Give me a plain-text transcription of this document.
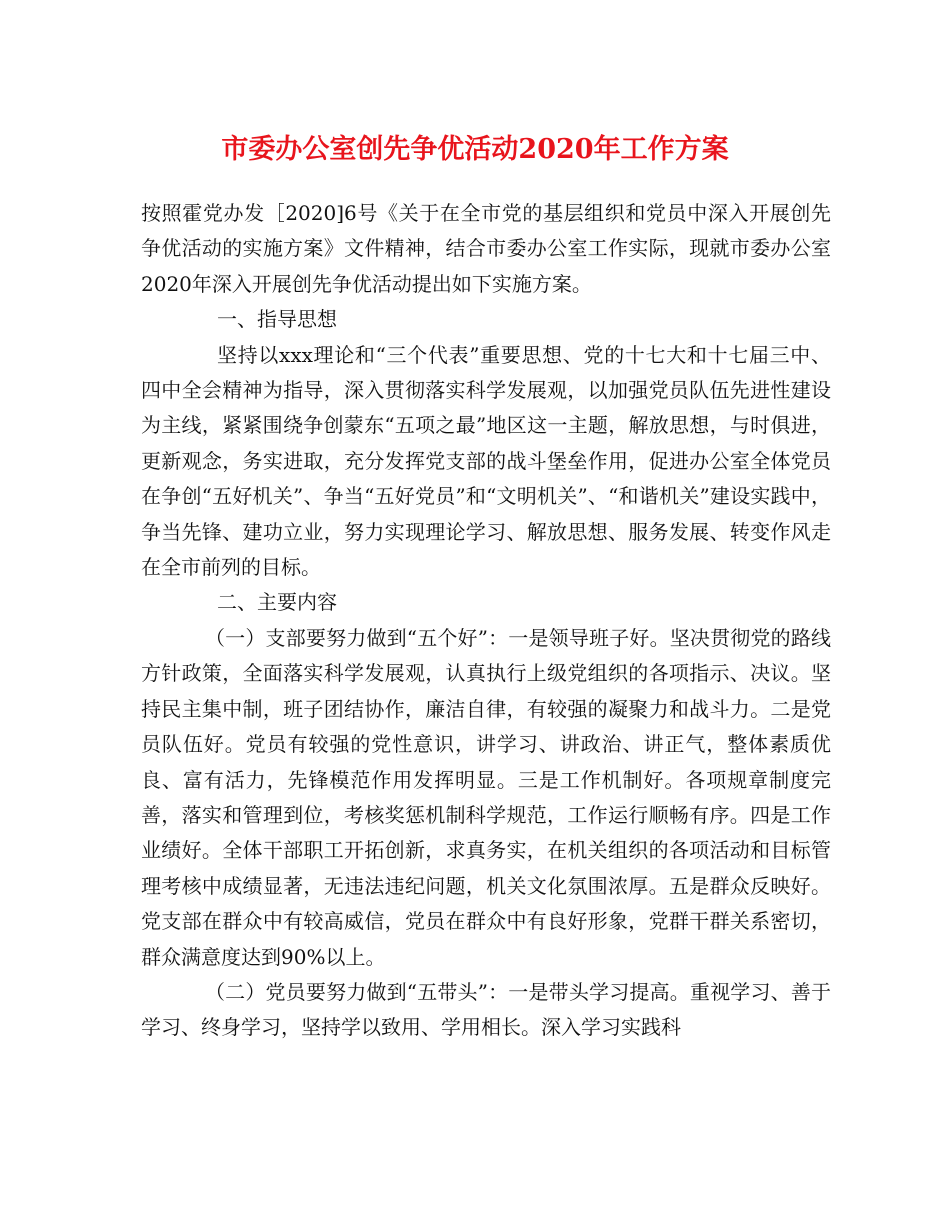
市委办公室创先争优活动2020年工作方案

按照霍党办发［2020]6号《关于在全市党的基层组织和党员中深入开展创先争优活动的实施方案》文件精神，结合市委办公室工作实际，现就市委办公室2020年深入开展创先争优活动提出如下实施方案。

一、指导思想

坚持以xxx理论和“三个代表”重要思想、党的十七大和十七届三中、四中全会精神为指导，深入贯彻落实科学发展观，以加强党员队伍先进性建设为主线，紧紧围绕争创蒙东“五项之最”地区这一主题，解放思想，与时俱进，更新观念，务实进取，充分发挥党支部的战斗堡垒作用，促进办公室全体党员在争创“五好机关”、争当“五好党员”和“文明机关”、“和谐机关”建设实践中，争当先锋、建功立业，努力实现理论学习、解放思想、服务发展、转变作风走在全市前列的目标。

二、主要内容

（一）支部要努力做到“五个好”：一是领导班子好。坚决贯彻党的路线方针政策，全面落实科学发展观，认真执行上级党组织的各项指示、决议。坚持民主集中制，班子团结协作，廉洁自律，有较强的凝聚力和战斗力。二是党员队伍好。党员有较强的党性意识，讲学习、讲政治、讲正气，整体素质优良、富有活力，先锋模范作用发挥明显。三是工作机制好。各项规章制度完善，落实和管理到位，考核奖惩机制科学规范，工作运行顺畅有序。四是工作业绩好。全体干部职工开拓创新，求真务实，在机关组织的各项活动和目标管理考核中成绩显著，无违法违纪问题，机关文化氛围浓厚。五是群众反映好。党支部在群众中有较高威信，党员在群众中有良好形象，党群干群关系密切，群众满意度达到90%以上。

（二）党员要努力做到“五带头”：一是带头学习提高。重视学习、善于学习、终身学习，坚持学以致用、学用相长。深入学习实践科
